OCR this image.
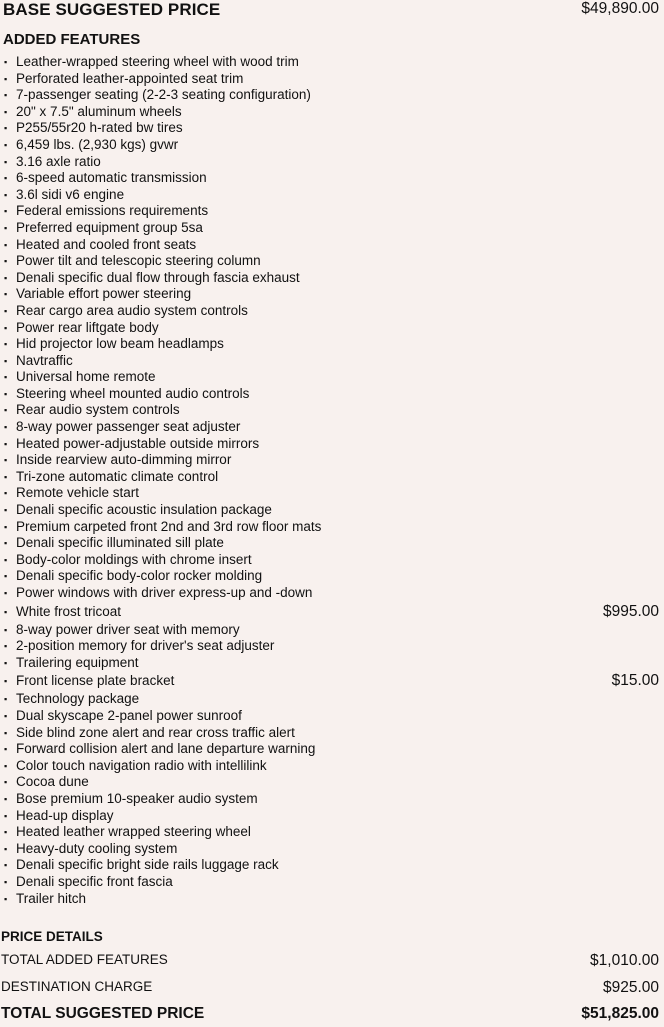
BASE SUGGESTED PRICE	$49,890.00
ADDED FEATURES
▪ Leather-wrapped steering wheel with wood trim
▪ Perforated leather-appointed seat trim
▪ 7-passenger seating (2-2-3 seating configuration)
▪ 20" x 7.5" aluminum wheels
▪ P255/55r20 h-rated bw tires
▪ 6,459 lbs. (2,930 kgs) gvwr
▪ 3.16 axle ratio
▪ 6-speed automatic transmission
▪ 3.6l sidi v6 engine
▪ Federal emissions requirements
▪ Preferred equipment group 5sa
▪ Heated and cooled front seats
▪ Power tilt and telescopic steering column
▪ Denali specific dual flow through fascia exhaust
▪ Variable effort power steering
▪ Rear cargo area audio system controls
▪ Power rear liftgate body
▪ Hid projector low beam headlamps
▪ Navtraffic
▪ Universal home remote
▪ Steering wheel mounted audio controls
▪ Rear audio system controls
▪ 8-way power passenger seat adjuster
▪ Heated power-adjustable outside mirrors
▪ Inside rearview auto-dimming mirror
▪ Tri-zone automatic climate control
▪ Remote vehicle start
▪ Denali specific acoustic insulation package
▪ Premium carpeted front 2nd and 3rd row floor mats
▪ Denali specific illuminated sill plate
▪ Body-color moldings with chrome insert
▪ Denali specific body-color rocker molding
▪ Power windows with driver express-up and -down
▪ White frost tricoat	$995.00
▪ 8-way power driver seat with memory
▪ 2-position memory for driver's seat adjuster
▪ Trailering equipment
▪ Front license plate bracket	$15.00
▪ Technology package
▪ Dual skyscape 2-panel power sunroof
▪ Side blind zone alert and rear cross traffic alert
▪ Forward collision alert and lane departure warning
▪ Color touch navigation radio with intellilink
▪ Cocoa dune
▪ Bose premium 10-speaker audio system
▪ Head-up display
▪ Heated leather wrapped steering wheel
▪ Heavy-duty cooling system
▪ Denali specific bright side rails luggage rack
▪ Denali specific front fascia
▪ Trailer hitch
PRICE DETAILS
TOTAL ADDED FEATURES	$1,010.00
DESTINATION CHARGE	$925.00
TOTAL SUGGESTED PRICE	$51,825.00
